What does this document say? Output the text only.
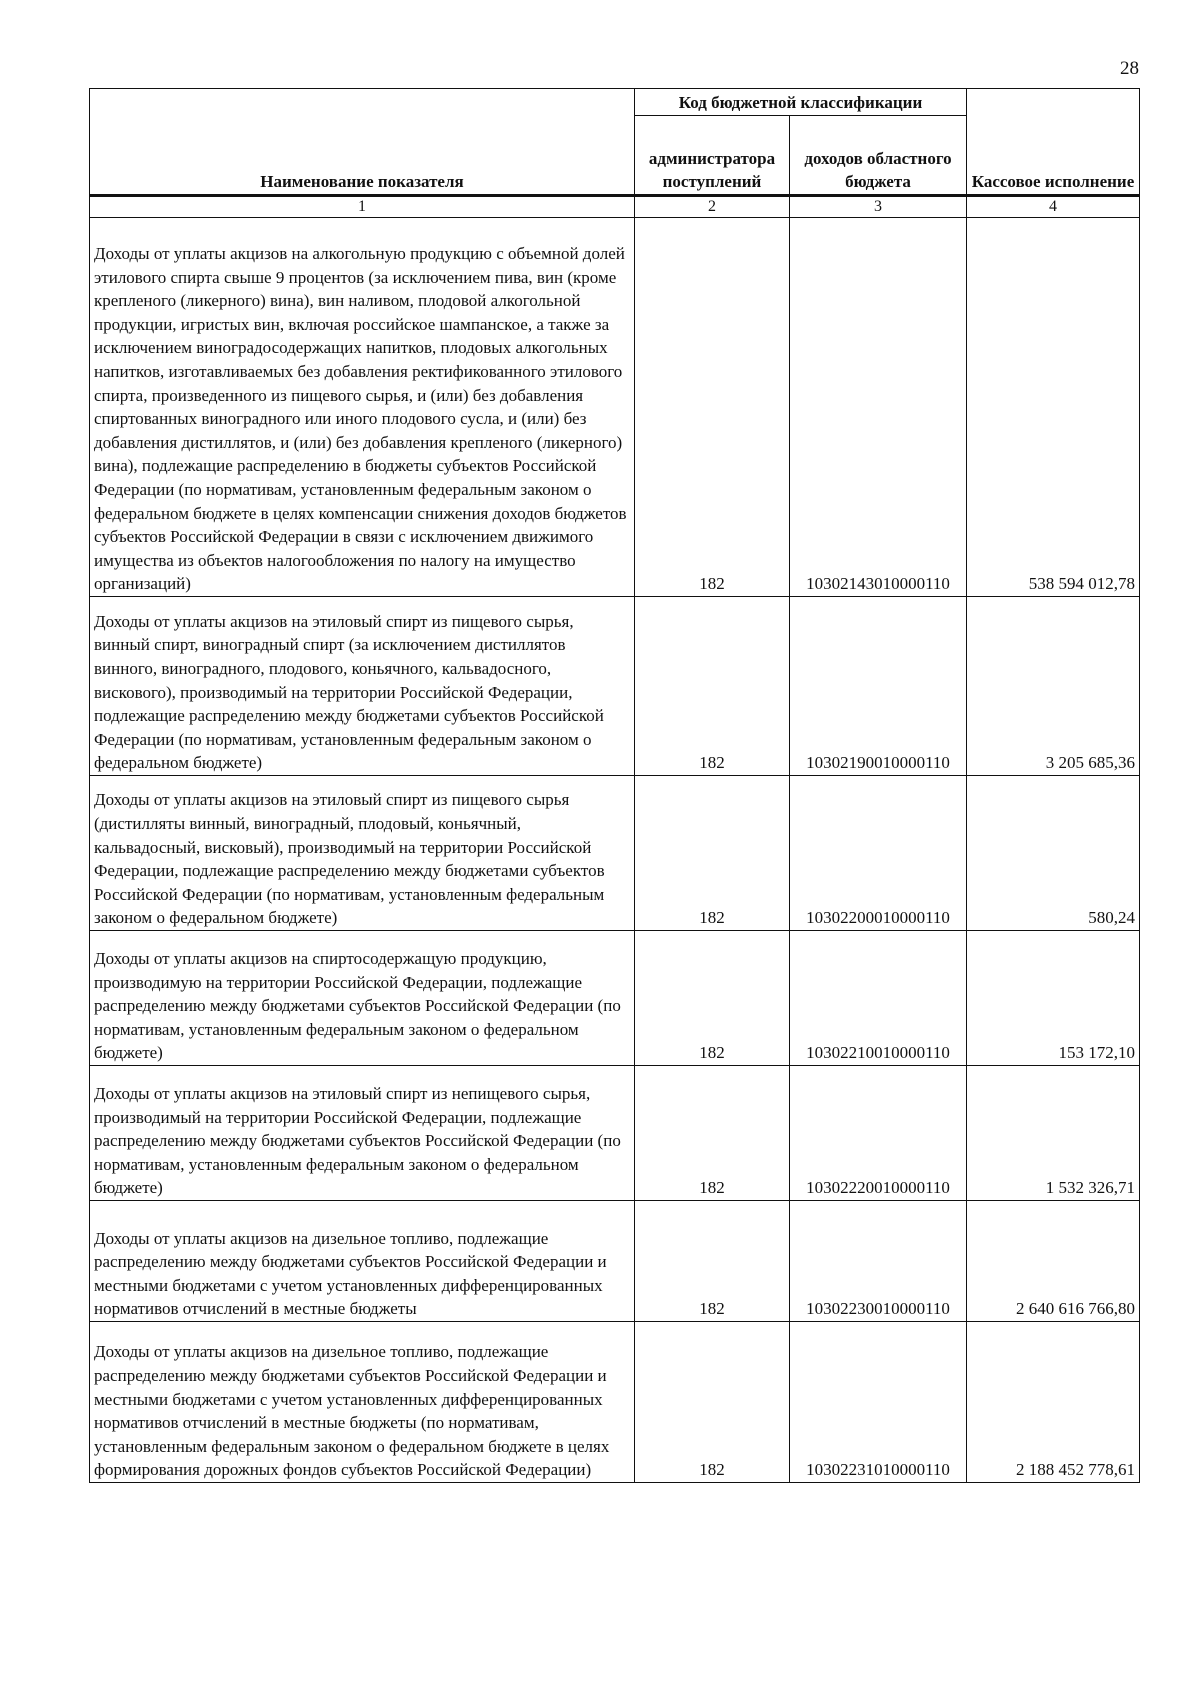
28
Наименование показателя	Код бюджетной классификации		Кассовое исполнение
	администратора поступлений	доходов областного бюджета	
1	2	3	4
Доходы от уплаты акцизов на алкогольную продукцию с объемной долей этилового спирта свыше 9 процентов (за исключением пива, вин (кроме крепленого (ликерного) вина), вин наливом, плодовой алкогольной продукции, игристых вин, включая российское шампанское, а также за исключением виноградосодержащих напитков, плодовых алкогольных напитков, изготавливаемых без добавления ректификованного этилового спирта, произведенного из пищевого сырья, и (или) без добавления спиртованных виноградного или иного плодового сусла, и (или) без добавления дистиллятов, и (или) без добавления крепленого (ликерного) вина), подлежащие распределению в бюджеты субъектов Российской Федерации (по нормативам, установленным федеральным законом о федеральном бюджете в целях компенсации снижения доходов бюджетов субъектов Российской Федерации в связи с исключением движимого имущества из объектов налогообложения по налогу на имущество организаций)	182	10302143010000110	538 594 012,78
Доходы от уплаты акцизов на этиловый спирт из пищевого сырья, винный спирт, виноградный спирт (за исключением дистиллятов винного, виноградного, плодового, коньячного, кальвадосного, вискового), производимый на территории Российской Федерации, подлежащие распределению между бюджетами субъектов Российской Федерации (по нормативам, установленным федеральным законом о федеральном бюджете)	182	10302190010000110	3 205 685,36
Доходы от уплаты акцизов на этиловый спирт из пищевого сырья (дистилляты винный, виноградный, плодовый, коньячный, кальвадосный, висковый), производимый на территории Российской Федерации, подлежащие распределению между бюджетами субъектов Российской Федерации (по нормативам, установленным федеральным законом о федеральном бюджете)	182	10302200010000110	580,24
Доходы от уплаты акцизов на спиртосодержащую продукцию, производимую на территории Российской Федерации, подлежащие распределению между бюджетами субъектов Российской Федерации (по нормативам, установленным федеральным законом о федеральном бюджете)	182	10302210010000110	153 172,10
Доходы от уплаты акцизов на этиловый спирт из непищевого сырья, производимый на территории Российской Федерации, подлежащие распределению между бюджетами субъектов Российской Федерации (по нормативам, установленным федеральным законом о федеральном бюджете)	182	10302220010000110	1 532 326,71
Доходы от уплаты акцизов на дизельное топливо, подлежащие распределению между бюджетами субъектов Российской Федерации и местными бюджетами с учетом установленных дифференцированных нормативов отчислений в местные бюджеты	182	10302230010000110	2 640 616 766,80
Доходы от уплаты акцизов на дизельное топливо, подлежащие распределению между бюджетами субъектов Российской Федерации и местными бюджетами с учетом установленных дифференцированных нормативов отчислений в местные бюджеты (по нормативам, установленным федеральным законом о федеральном бюджете в целях формирования дорожных фондов субъектов Российской Федерации)	182	10302231010000110	2 188 452 778,61
